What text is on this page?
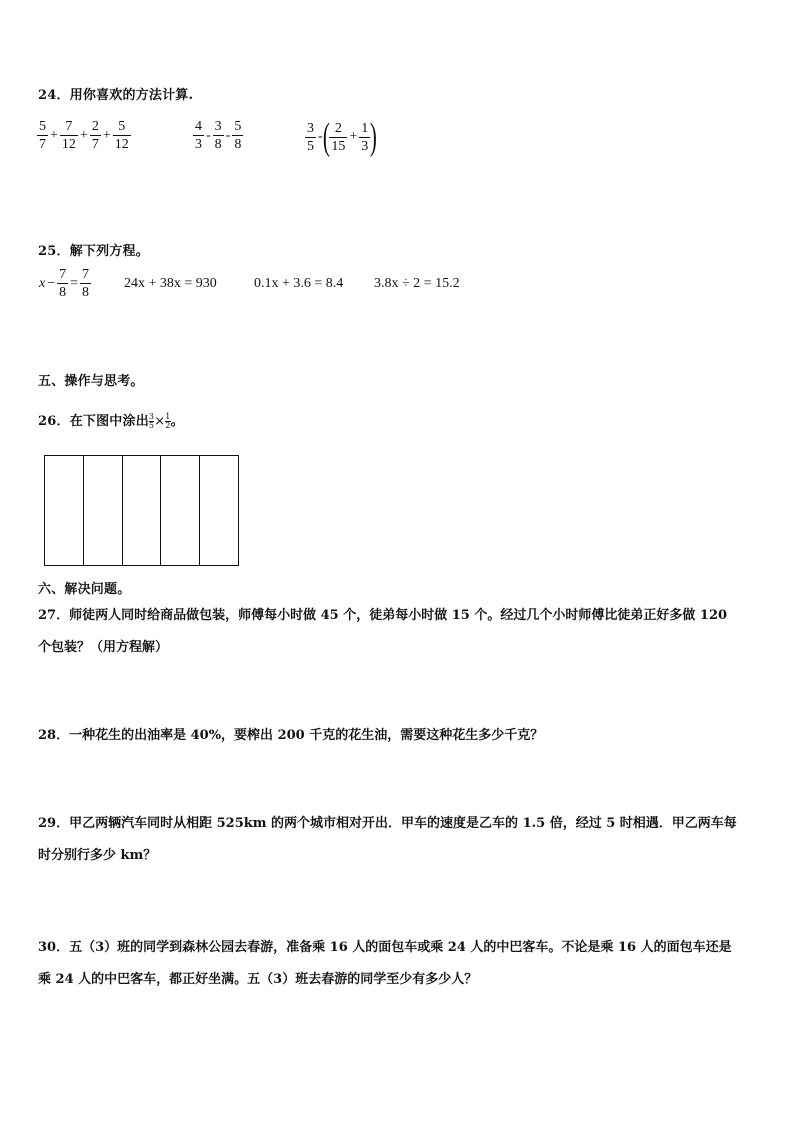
24．用你喜欢的方法计算.
$\frac{5}{7} + \frac{7}{12} + \frac{2}{7} + \frac{5}{12}$	$\frac{4}{3} - \frac{3}{8} - \frac{5}{8}$	$\frac{3}{5}$ -( $\frac{2}{15} + \frac{1}{3}$ )
25．解下列方程。
$x - \frac{7}{8} = \frac{7}{8} 24x + 38x = 930$	0.1x + 3.6 = 8.4 3.8x ÷ 2 = 15.2
五、操作与思考。
26．在下图中涂出 $\frac{3}{5}\times \frac{1}{2}$。
六、解决问题。
27．师徒两人同时给商品做包装，师傅每小时做 45 个，徒弟每小时做 15 个。经过几个小时师傅比徒弟正好多做 120
个包装？（用方程解）
28．一种花生的出油率是 40%，要榨出 200 千克的花生油，需要这种花生多少千克？
29．甲乙两辆汽车同时从相距 525km 的两个城市相对开出．甲车的速度是乙车的 1.5 倍，经过 5 时相遇．甲乙两车每
时分别行多少 km？
30．五（3）班的同学到森林公园去春游，准备乘 16 人的面包车或乘 24 人的中巴客车。不论是乘 16 人的面包车还是
乘 24 人的中巴客车，都正好坐满。五（3）班去春游的同学至少有多少人？
